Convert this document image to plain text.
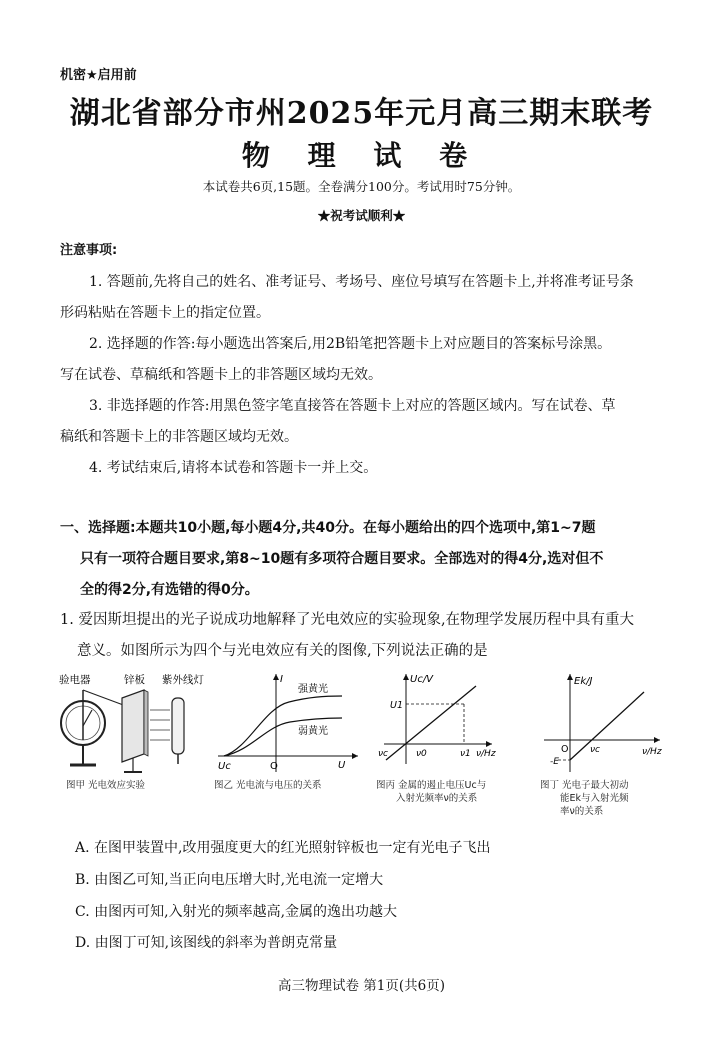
机密★启用前
湖北省部分市州2025年元月高三期末联考
物 理 试 卷
本试卷共6页,15题。全卷满分100分。考试用时75分钟。
★祝考试顺利★
注意事项:
1. 答题前,先将自己的姓名、准考证号、考场号、座位号填写在答题卡上,并将准考证号条
形码粘贴在答题卡上的指定位置。
2. 选择题的作答:每小题选出答案后,用2B铅笔把答题卡上对应题目的答案标号涂黑。
写在试卷、草稿纸和答题卡上的非答题区域均无效。
3. 非选择题的作答:用黑色签字笔直接答在答题卡上对应的答题区域内。写在试卷、草
稿纸和答题卡上的非答题区域均无效。
4. 考试结束后,请将本试卷和答题卡一并上交。
一、选择题:本题共10小题,每小题4分,共40分。在每小题给出的四个选项中,第1~7题
只有一项符合题目要求,第8~10题有多项符合题目要求。全部选对的得4分,选对但不
全的得2分,有选错的得0分。
1. 爱因斯坦提出的光子说成功地解释了光电效应的实验现象,在物理学发展历程中具有重大
意义。如图所示为四个与光电效应有关的图像,下列说法正确的是
验电器	锌板 紫外线灯
图甲 光电效应实验
I
U
O
Uc
强黄光
弱黄光
图乙 光电流与电压的关系
Uc/V
ν/Hz
U1
νc	ν0	ν1
图丙 金属的遏止电压Uc与
入射光频率ν的关系
Ek/J
ν/Hz
O νc
-E
图丁 光电子最大初动
能Ek与入射光频
率ν的关系
A. 在图甲装置中,改用强度更大的红光照射锌板也一定有光电子飞出
B. 由图乙可知,当正向电压增大时,光电流一定增大
C. 由图丙可知,入射光的频率越高,金属的逸出功越大
D. 由图丁可知,该图线的斜率为普朗克常量
高三物理试卷 第1页(共6页)
